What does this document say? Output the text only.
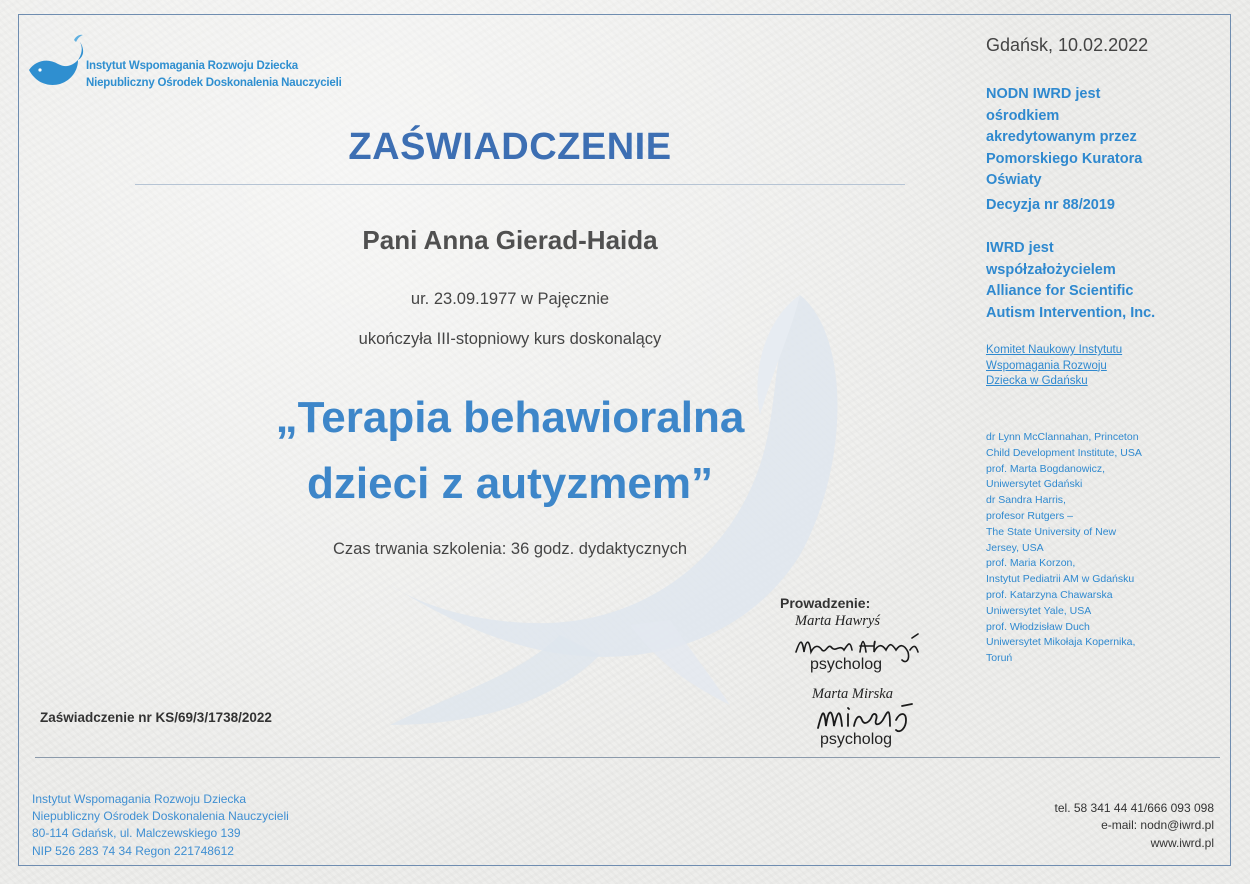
Instytut Wspomagania Rozwoju Dziecka
Niepubliczny Ośrodek Doskonalenia Nauczycieli
ZAŚWIADCZENIE
Pani Anna Gierad-Haida
ur. 23.09.1977 w Pajęcznie
ukończyła III-stopniowy kurs doskonalący
„Terapia behawioralna
dzieci z autyzmem”
Czas trwania szkolenia: 36 godz. dydaktycznych
Gdańsk, 10.02.2022
NODN IWRD jest
ośrodkiem
akredytowanym przez
Pomorskiego Kuratora
Oświaty
Decyzja nr 88/2019
IWRD jest
współzałożycielem
Alliance for Scientific
Autism Intervention, Inc.
Komitet Naukowy Instytutu
Wspomagania Rozwoju
Dziecka w Gdańsku
dr Lynn McClannahan, Princeton
Child Development Institute, USA
prof. Marta Bogdanowicz,
Uniwersytet Gdański
dr Sandra Harris,
profesor Rutgers –
The State University of New
Jersey, USA
prof. Maria Korzon,
Instytut Pediatrii AM w Gdańsku
prof. Katarzyna Chawarska
Uniwersytet Yale, USA
prof. Włodzisław Duch
Uniwersytet Mikołaja Kopernika,
Toruń
Prowadzenie:
Marta Hawryś
psycholog
Marta Mirska
psycholog
Zaświadczenie nr KS/69/3/1738/2022
Instytut Wspomagania Rozwoju Dziecka
Niepubliczny Ośrodek Doskonalenia Nauczycieli
80-114 Gdańsk, ul. Malczewskiego 139
NIP 526 283 74 34 Regon 221748612
tel. 58 341 44 41/666 093 098
e-mail: nodn@iwrd.pl
www.iwrd.pl
